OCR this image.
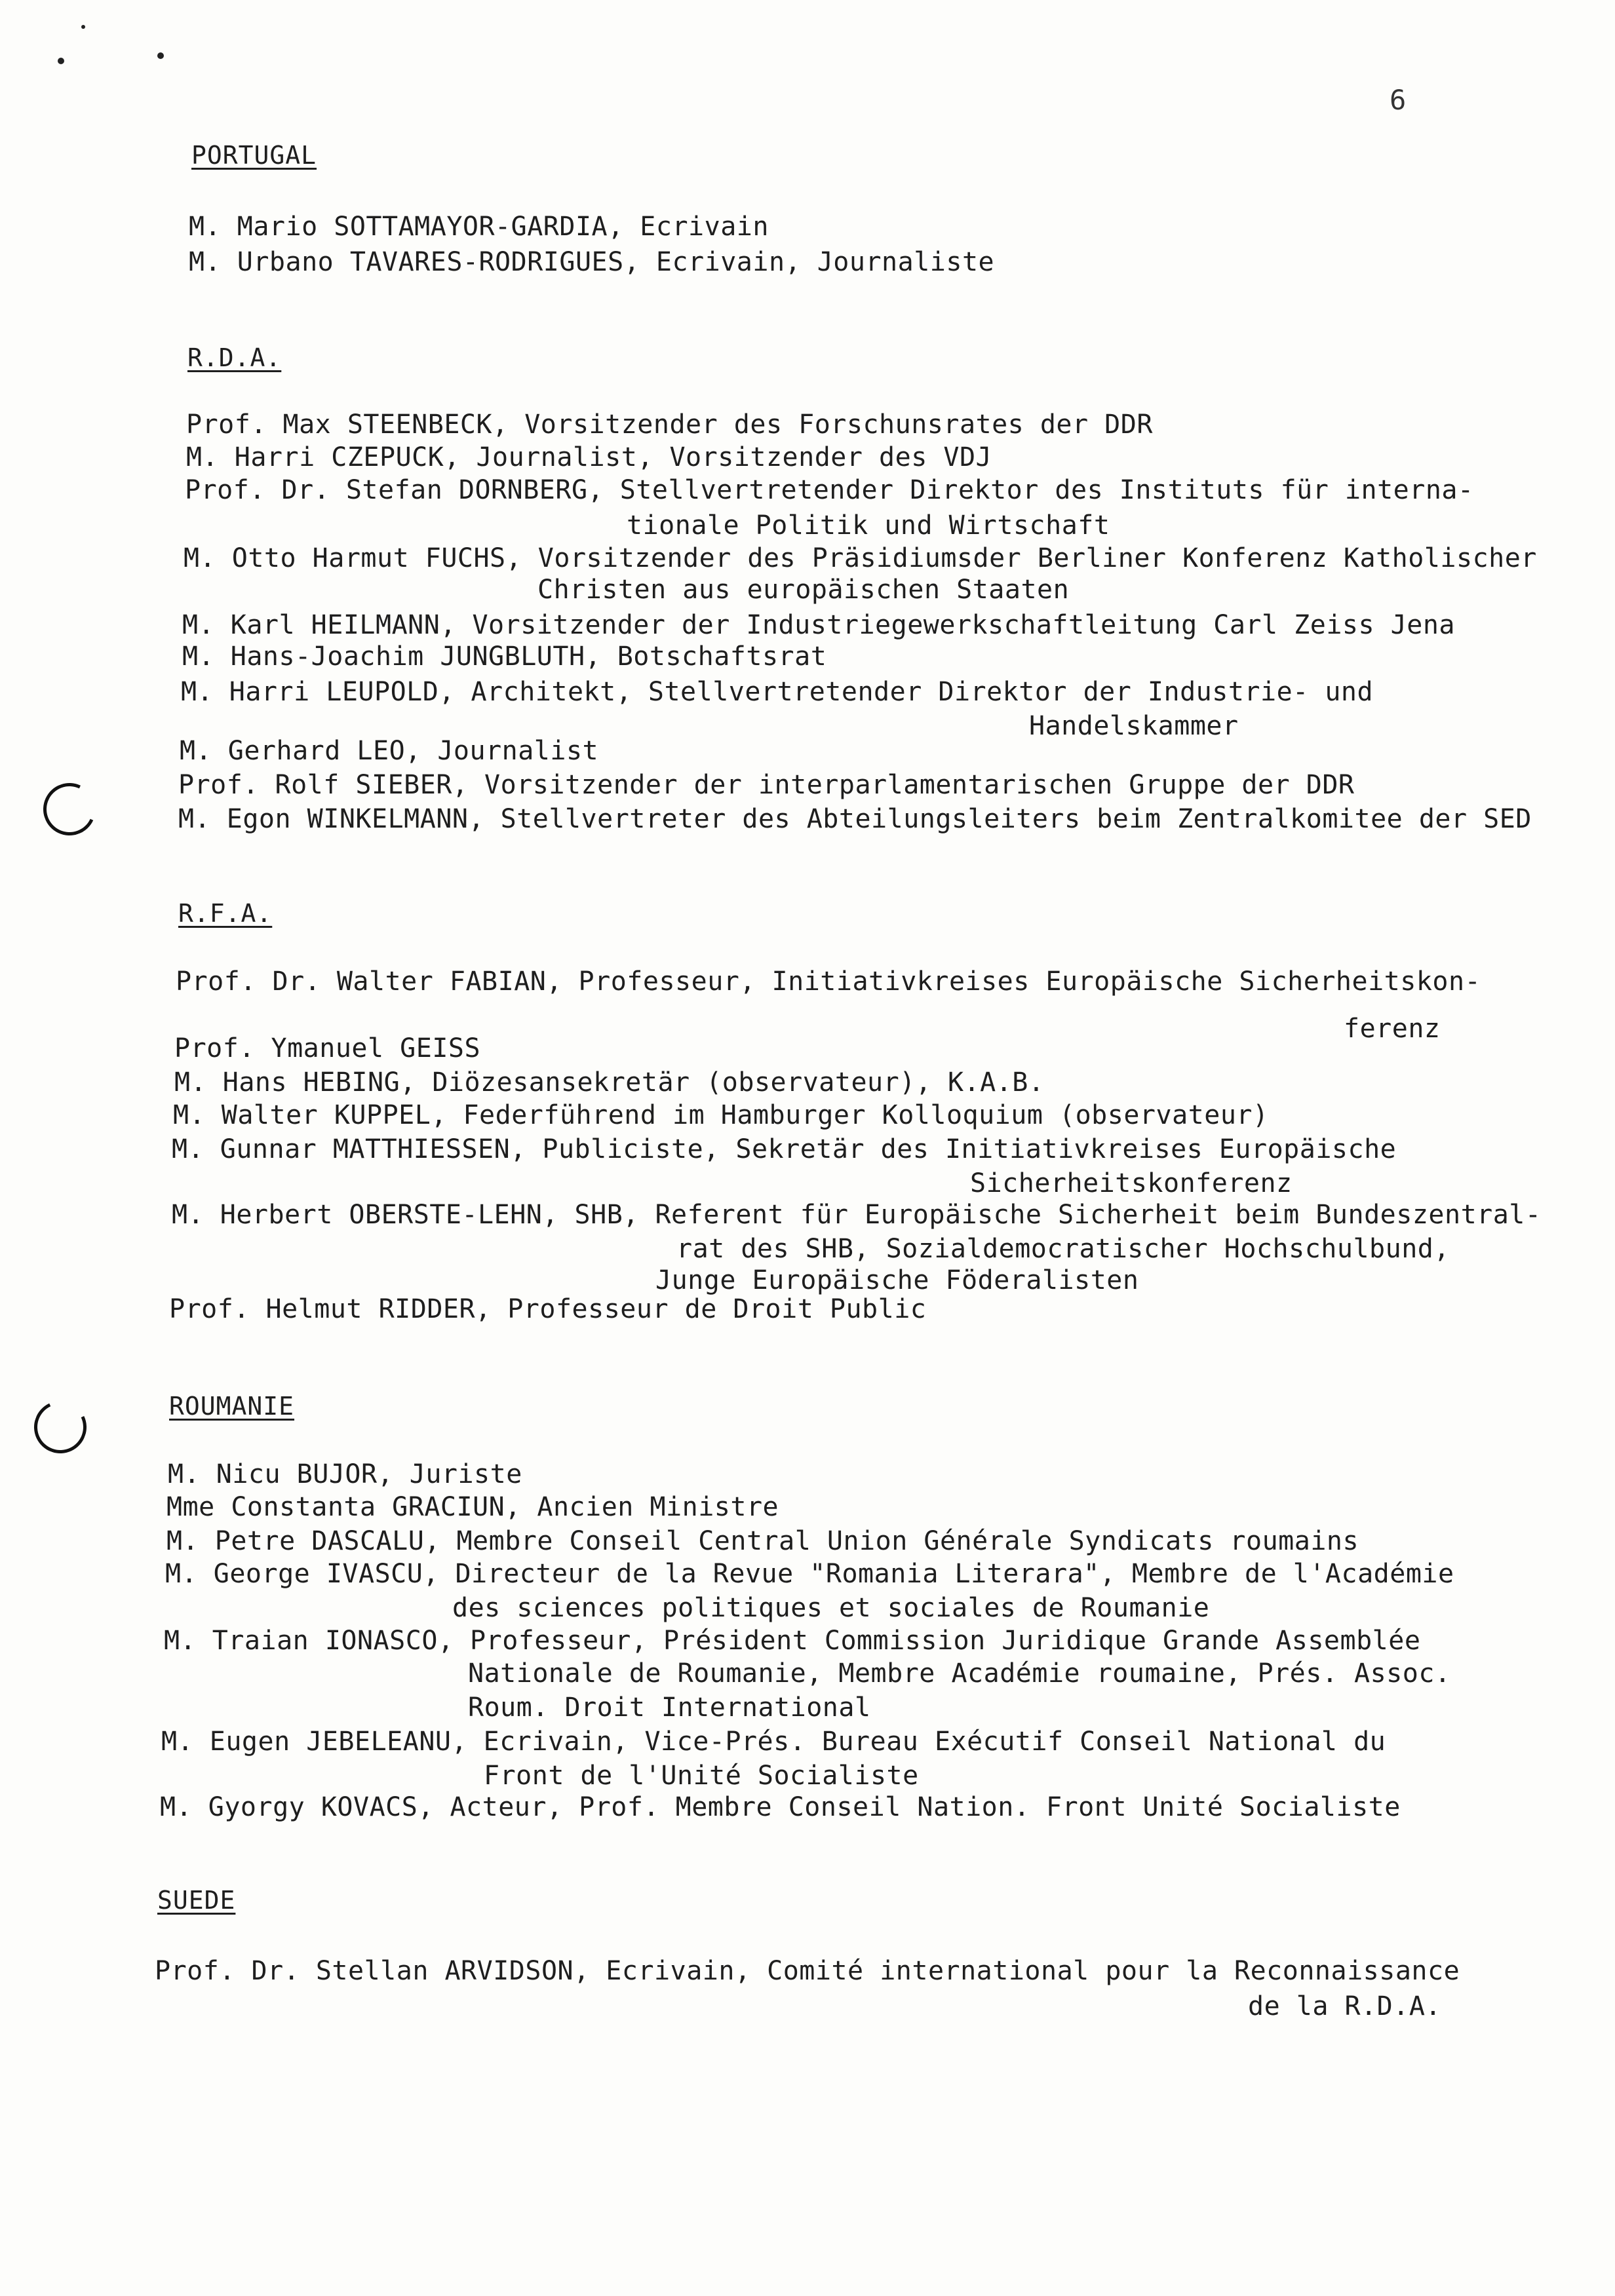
6
PORTUGAL
M. Mario SOTTAMAYOR-GARDIA, Ecrivain
M. Urbano TAVARES-RODRIGUES, Ecrivain, Journaliste
R.D.A.
Prof. Max STEENBECK, Vorsitzender des Forschunsrates der DDR
M. Harri CZEPUCK, Journalist, Vorsitzender des VDJ
Prof. Dr. Stefan DORNBERG, Stellvertretender Direktor des Instituts für interna-
tionale Politik und Wirtschaft
M. Otto Harmut FUCHS, Vorsitzender des Präsidiumsder Berliner Konferenz Katholischer
Christen aus europäischen Staaten
M. Karl HEILMANN, Vorsitzender der Industriegewerkschaftleitung Carl Zeiss Jena
M. Hans-Joachim JUNGBLUTH, Botschaftsrat
M. Harri LEUPOLD, Architekt, Stellvertretender Direktor der Industrie- und
Handelskammer
M. Gerhard LEO, Journalist
Prof. Rolf SIEBER, Vorsitzender der interparlamentarischen Gruppe der DDR
M. Egon WINKELMANN, Stellvertreter des Abteilungsleiters beim Zentralkomitee der SED
R.F.A.
Prof. Dr. Walter FABIAN, Professeur, Initiativkreises Europäische Sicherheitskon-
ferenz
Prof. Ymanuel GEISS
M. Hans HEBING, Diözesansekretär (observateur), K.A.B.
M. Walter KUPPEL, Federführend im Hamburger Kolloquium (observateur)
M. Gunnar MATTHIESSEN, Publiciste, Sekretär des Initiativkreises Europäische
Sicherheitskonferenz
M. Herbert OBERSTE-LEHN, SHB, Referent für Europäische Sicherheit beim Bundeszentral-
rat des SHB, Sozialdemocratischer Hochschulbund,
Junge Europäische Föderalisten
Prof. Helmut RIDDER, Professeur de Droit Public
ROUMANIE
M. Nicu BUJOR, Juriste
Mme Constanta GRACIUN, Ancien Ministre
M. Petre DASCALU, Membre Conseil Central Union Générale Syndicats roumains
M. George IVASCU, Directeur de la Revue "Romania Literara", Membre de l'Académie
des sciences politiques et sociales de Roumanie
M. Traian IONASCO, Professeur, Président Commission Juridique Grande Assemblée
Nationale de Roumanie, Membre Académie roumaine, Prés. Assoc.
Roum. Droit International
M. Eugen JEBELEANU, Ecrivain, Vice-Prés. Bureau Exécutif Conseil National du
Front de l'Unité Socialiste
M. Gyorgy KOVACS, Acteur, Prof. Membre Conseil Nation. Front Unité Socialiste
SUEDE
Prof. Dr. Stellan ARVIDSON, Ecrivain, Comité international pour la Reconnaissance
de la R.D.A.
